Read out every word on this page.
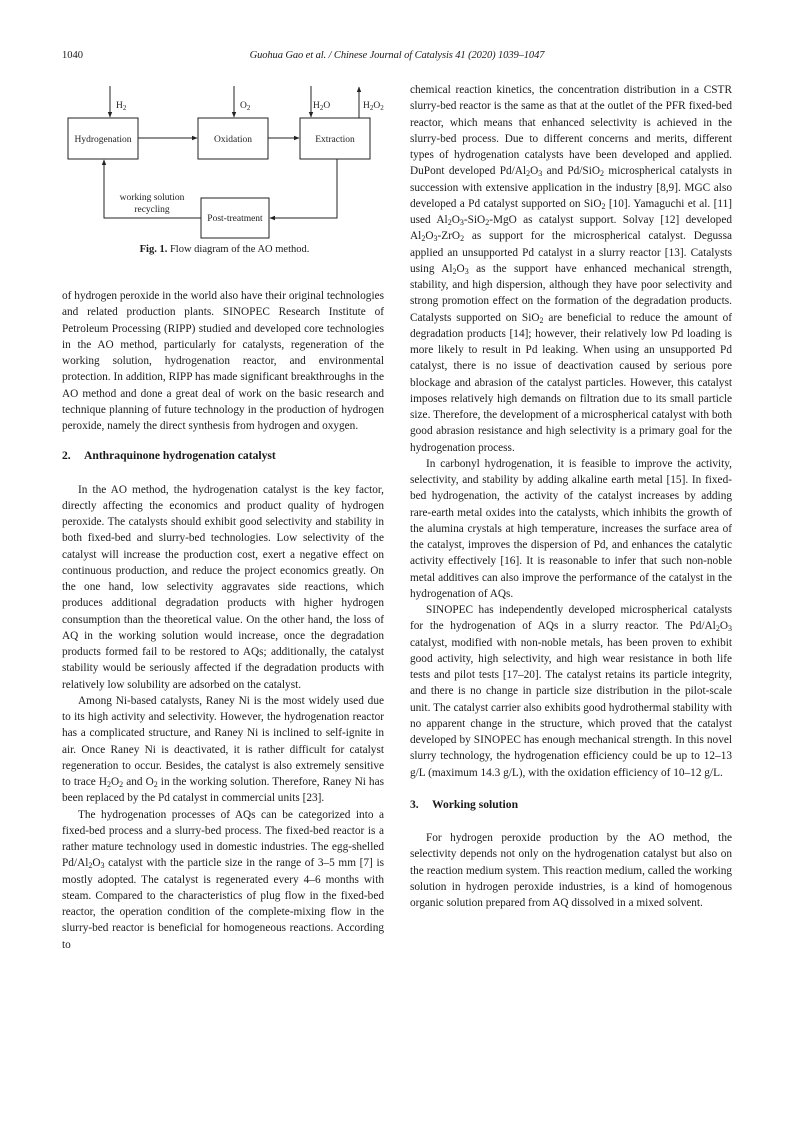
1040	Guohua Gao et al. / Chinese Journal of Catalysis 41 (2020) 1039–1047
Hydrogenation	Oxidation	Extraction
Post-treatment
$H_2$	$O_2$	$H_2O$	$H_2O_2$
working solution
recycling
Fig. 1. Flow diagram of the AO method.

of hydrogen peroxide in the world also have their original technologies and related production plants. SINOPEC Research Institute of Petroleum Processing (RIPP) studied and developed core technologies in the AO method, particularly for catalysts, regeneration of the working solution, hydrogenation reactor, and environmental protection. In addition, RIPP has made significant breakthroughs in the AO method and done a great deal of work on the basic research and technique planning of future technology in the production of hydrogen peroxide, namely the direct synthesis from hydrogen and oxygen.

2. Anthraquinone hydrogenation catalyst

In the AO method, the hydrogenation catalyst is the key factor, directly affecting the economics and product quality of hydrogen peroxide. The catalysts should exhibit good selectivity and stability in both fixed-bed and slurry-bed technologies. Low selectivity of the catalyst will increase the production cost, exert a negative effect on continuous production, and reduce the project economics greatly. On the one hand, low selectivity aggravates side reactions, which produces additional degradation products with higher hydrogen consumption than the theoretical value. On the other hand, the loss of AQ in the working solution would increase, once the degradation products formed fail to be restored to AQs; additionally, the catalyst stability would be seriously affected if the degradation products with relatively low solubility are adsorbed on the catalyst.

Among Ni-based catalysts, Raney Ni is the most widely used due to its high activity and selectivity. However, the hydrogenation reactor has a complicated structure, and Raney Ni is inclined to self-ignite in air. Once Raney Ni is deactivated, it is rather difficult for catalyst regeneration to occur. Besides, the catalyst is also extremely sensitive to trace $H_2O_2$ and $O_2$ in the working solution. Therefore, Raney Ni has been replaced by the Pd catalyst in commercial units [23].

The hydrogenation processes of AQs can be categorized into a fixed-bed process and a slurry-bed process. The fixed-bed reactor is a rather mature technology used in domestic industries. The egg-shelled $Pd/Al_2O_3$ catalyst with the particle size in the range of 3–5 mm [7] is mostly adopted. The catalyst is regenerated every 4–6 months with steam. Compared to the characteristics of plug flow in the fixed-bed reactor, the operation condition of the complete-mixing flow in the slurry-bed reactor is beneficial for homogeneous reactions. According to

chemical reaction kinetics, the concentration distribution in a CSTR slurry-bed reactor is the same as that at the outlet of the PFR fixed-bed reactor, which means that enhanced selectivity is achieved in the slurry-bed process. Due to different concerns and merits, different types of hydrogenation catalysts have been developed and applied. DuPont developed $Pd/Al_2O_3$ and Pd/SiO$_2$ microspherical catalysts in succession with extensive application in the industry [8,9]. MGC also developed a Pd catalyst supported on SiO$_2$ [10]. Yamaguchi et al. [11] used $Al_2O_3-SiO_2$-MgO as catalyst support. Solvay [12] developed $Al_2O_3-ZrO_2$ as support for the microspherical catalyst. Degussa applied an unsupported Pd catalyst in a slurry reactor [13]. Catalysts using $Al_2O_3$ as the support have enhanced mechanical strength, stability, and high dispersion, although they have poor selectivity and strong promotion effect on the formation of the degradation products. Catalysts supported on SiO$_2$ are beneficial to reduce the amount of degradation products [14]; however, their relatively low Pd loading is more likely to result in Pd leaking. When using an unsupported Pd catalyst, there is no issue of deactivation caused by serious pore blockage and abrasion of the catalyst particles. However, this catalyst imposes relatively high demands on filtration due to its small particle size. Therefore, the development of a microspherical catalyst with both good abrasion resistance and high selectivity is a primary goal for the hydrogenation process.

In carbonyl hydrogenation, it is feasible to improve the activity, selectivity, and stability by adding alkaline earth metal [15]. In fixed-bed hydrogenation, the activity of the catalyst increases by adding rare-earth metal oxides into the catalysts, which inhibits the growth of the alumina crystals at high temperature, increases the surface area of the catalyst, improves the dispersion of Pd, and enhances the catalytic activity effectively [16]. It is reasonable to infer that such non-noble metal additives can also improve the performance of the catalyst in the hydrogenation of AQs.

SINOPEC has independently developed microspherical catalysts for the hydrogenation of AQs in a slurry reactor. The $Pd/Al_2O_3$ catalyst, modified with non-noble metals, has been proven to exhibit good activity, high selectivity, and high wear resistance in both life tests and pilot tests [17–20]. The catalyst retains its particle integrity, and there is no change in particle size distribution in the pilot-scale unit. The catalyst carrier also exhibits good hydrothermal stability with no apparent change in the structure, which proved that the catalyst developed by SINOPEC has enough mechanical strength. In this novel slurry technology, the hydrogenation efficiency could be up to 12–13 g/L (maximum 14.3 g/L), with the oxidation efficiency of 10–12 g/L.

3. Working solution

For hydrogen peroxide production by the AO method, the selectivity depends not only on the hydrogenation catalyst but also on the reaction medium system. This reaction medium, called the working solution in hydrogen peroxide industries, is a kind of homogenous organic solution prepared from AQ dissolved in a mixed solvent.
